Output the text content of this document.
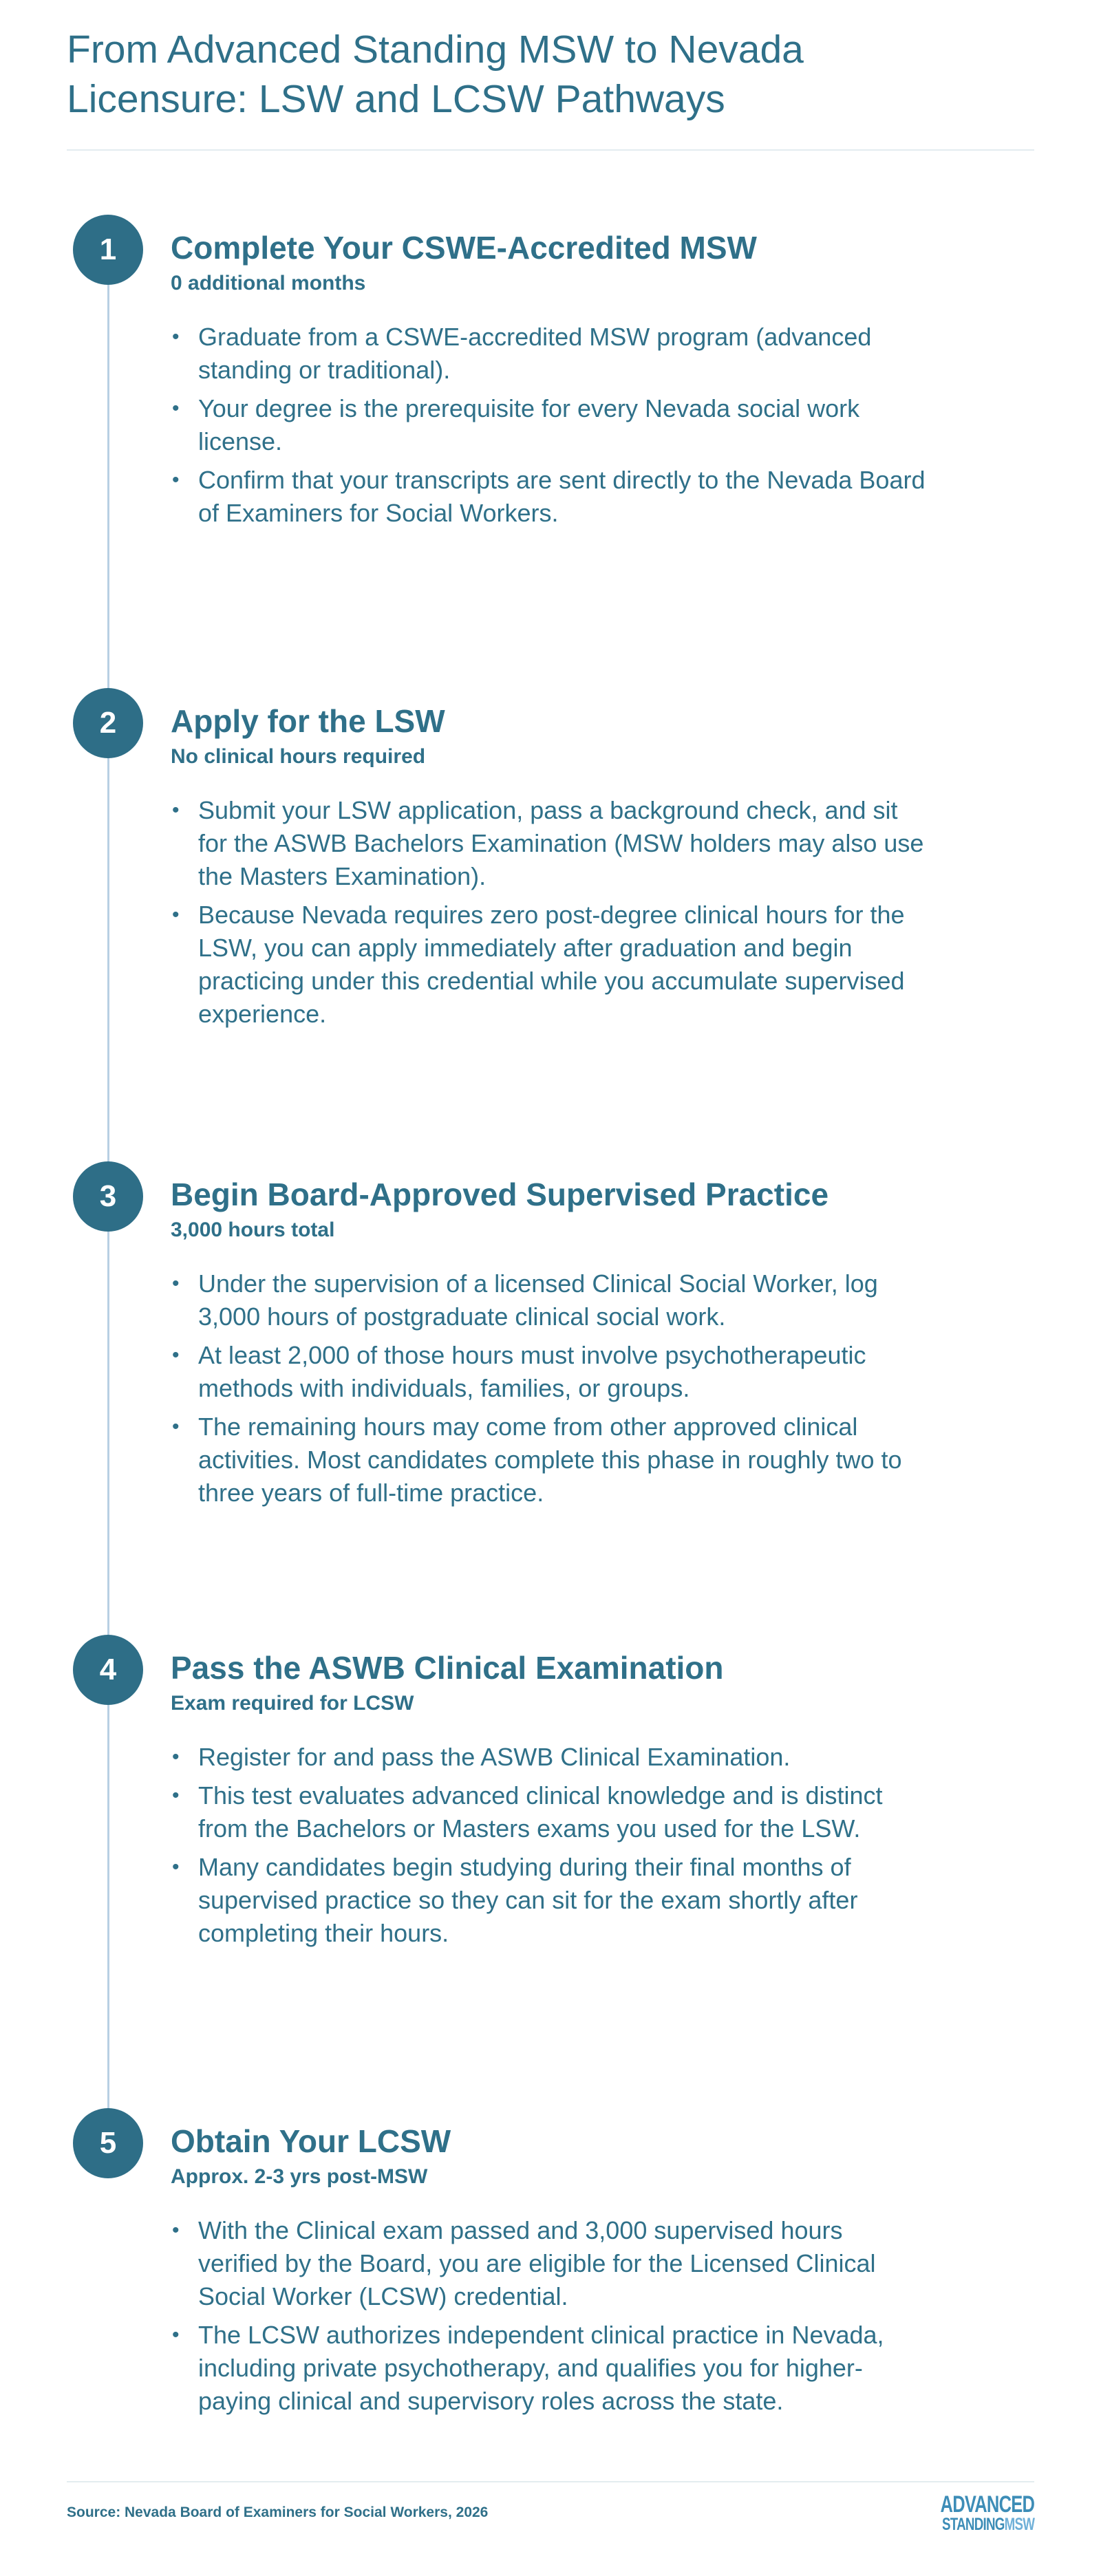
From Advanced Standing MSW to Nevada Licensure: LSW and LCSW Pathways
1	Complete Your CSWE-Accredited MSW

0 additional months

• Graduate from a CSWE-accredited MSW program (advanced standing or traditional).
• Your degree is the prerequisite for every Nevada social work license.
• Confirm that your transcripts are sent directly to the Nevada Board of Examiners for Social Workers.
2	Apply for the LSW

No clinical hours required

• Submit your LSW application, pass a background check, and sit for the ASWB Bachelors Examination (MSW holders may also use the Masters Examination).
• Because Nevada requires zero post-degree clinical hours for the LSW, you can apply immediately after graduation and begin practicing under this credential while you accumulate supervised experience.
3	Begin Board-Approved Supervised Practice

3,000 hours total

• Under the supervision of a licensed Clinical Social Worker, log 3,000 hours of postgraduate clinical social work.
• At least 2,000 of those hours must involve psychotherapeutic methods with individuals, families, or groups.
• The remaining hours may come from other approved clinical activities. Most candidates complete this phase in roughly two to three years of full-time practice.
4	Pass the ASWB Clinical Examination

Exam required for LCSW

• Register for and pass the ASWB Clinical Examination.
• This test evaluates advanced clinical knowledge and is distinct from the Bachelors or Masters exams you used for the LSW.
• Many candidates begin studying during their final months of supervised practice so they can sit for the exam shortly after completing their hours.
5	Obtain Your LCSW

Approx. 2-3 yrs post-MSW

• With the Clinical exam passed and 3,000 supervised hours verified by the Board, you are eligible for the Licensed Clinical Social Worker (LCSW) credential.
• The LCSW authorizes independent clinical practice in Nevada, including private psychotherapy, and qualifies you for higher-paying clinical and supervisory roles across the state.
Source: Nevada Board of Examiners for Social Workers, 2026	ADVANCED
STANDINGMSW
